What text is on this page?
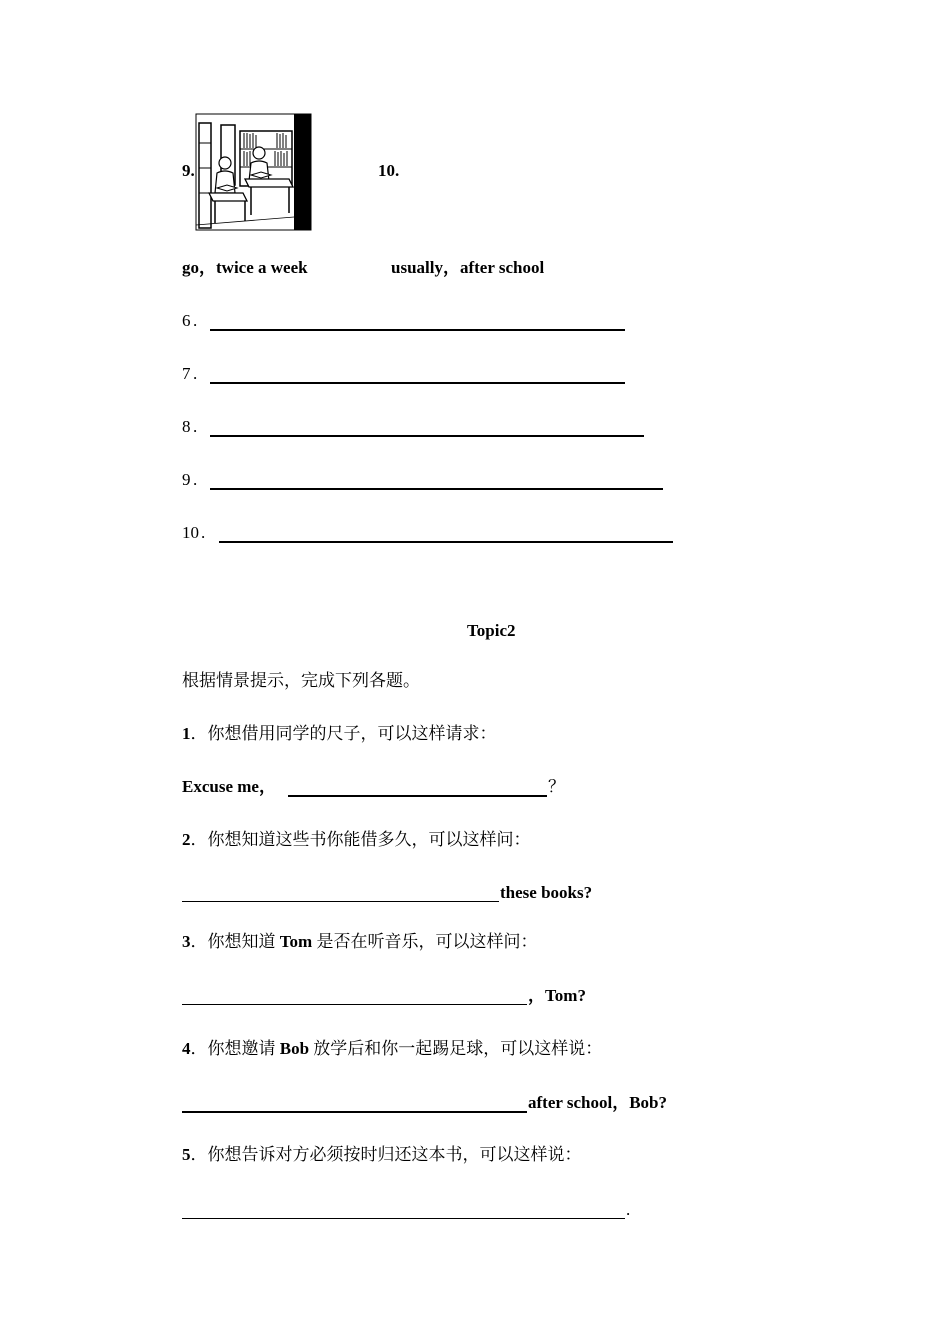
9.	10.
go，twice a week	usually，after school
6 .
7 .
8 .
9 .
10 .
Topic2
根据情景提示，完成下列各题。
1．你想借用同学的尺子，可以这样请求：
Excuse me，	？
2．你想知道这些书你能借多久，可以这样问：
these books?
3．你想知道 Tom 是否在听音乐，可以这样问：
，Tom?
4．你想邀请 Bob 放学后和你一起踢足球，可以这样说：
after school，Bob?
5．你想告诉对方必须按时归还这本书，可以这样说：
.
